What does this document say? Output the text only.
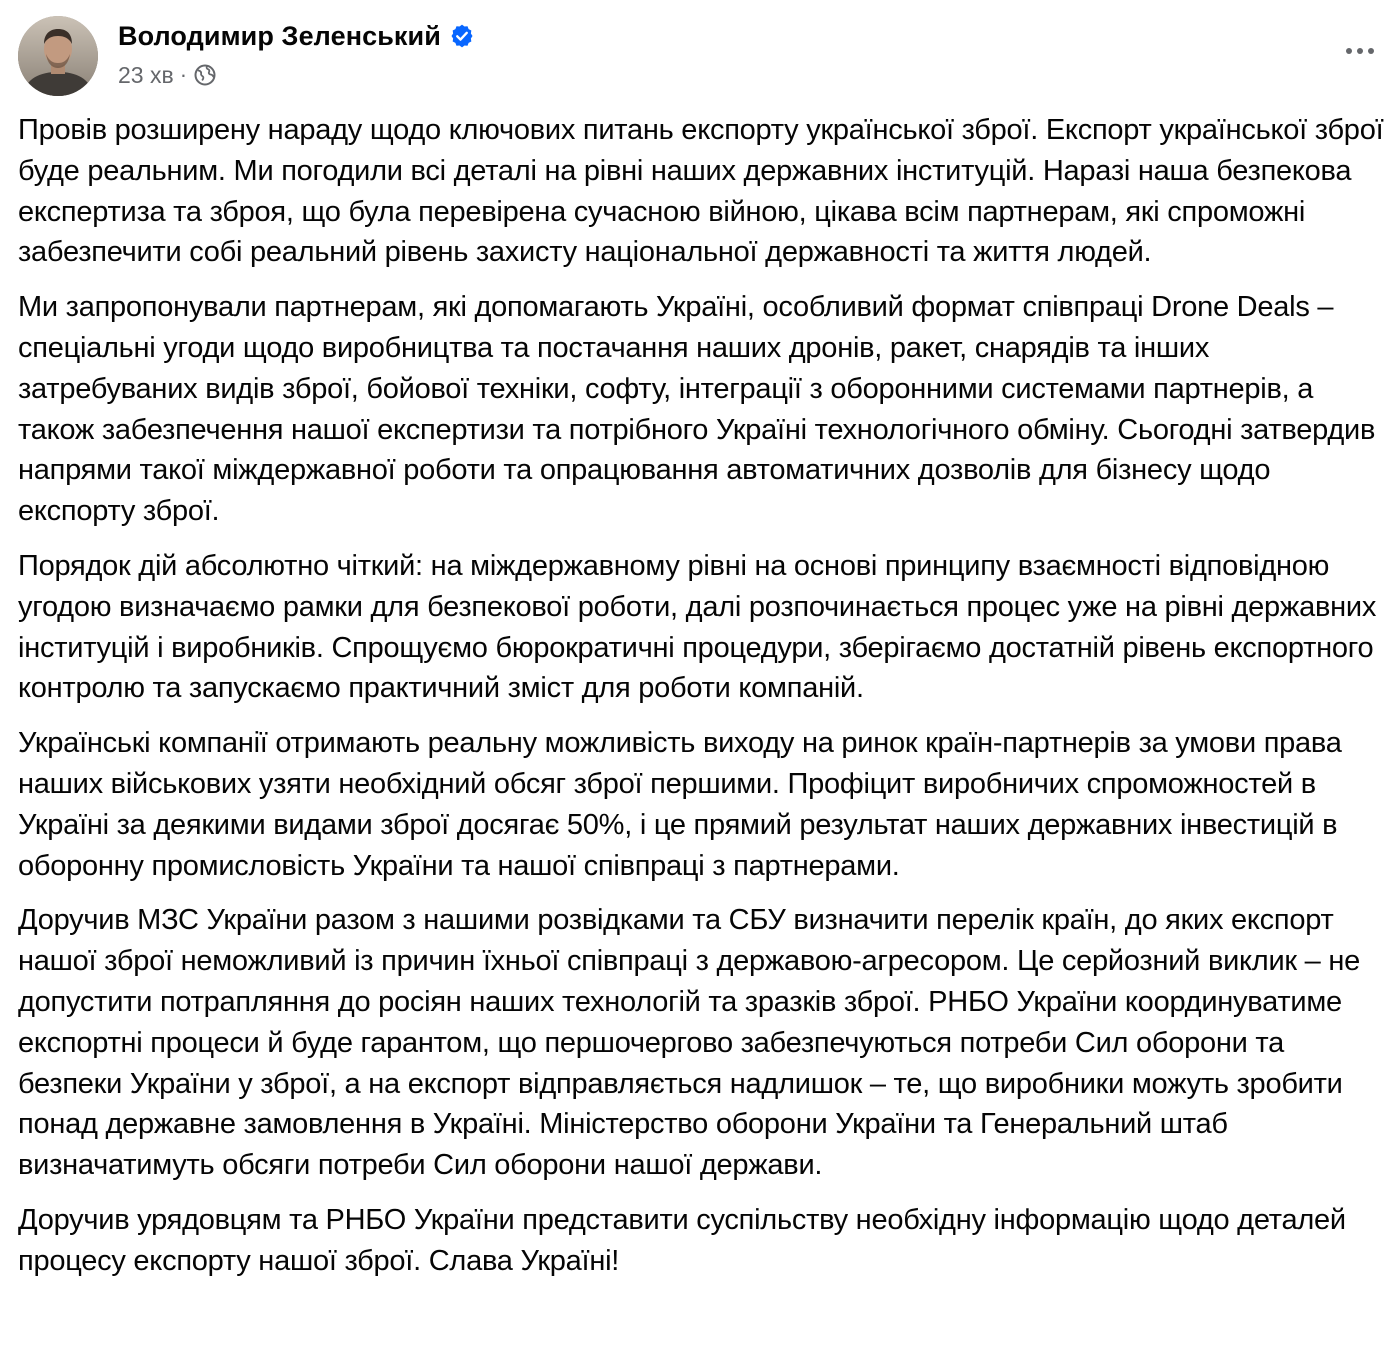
Володимир Зеленський
23 хв ·

Провів розширену нараду щодо ключових питань експорту української зброї. Експорт української зброї буде реальним. Ми погодили всі деталі на рівні наших державних інституцій. Наразі наша безпекова експертиза та зброя, що була перевірена сучасною війною, цікава всім партнерам, які спроможні забезпечити собі реальний рівень захисту національної державності та життя людей.

Ми запропонували партнерам, які допомагають Україні, особливий формат співпраці Drone Deals – спеціальні угоди щодо виробництва та постачання наших дронів, ракет, снарядів та інших затребуваних видів зброї, бойової техніки, софту, інтеграції з оборонними системами партнерів, а також забезпечення нашої експертизи та потрібного Україні технологічного обміну. Сьогодні затвердив напрями такої міждержавної роботи та опрацювання автоматичних дозволів для бізнесу щодо експорту зброї.

Порядок дій абсолютно чіткий: на міждержавному рівні на основі принципу взаємності відповідною угодою визначаємо рамки для безпекової роботи, далі розпочинається процес уже на рівні державних інституцій і виробників. Спрощуємо бюрократичні процедури, зберігаємо достатній рівень експортного контролю та запускаємо практичний зміст для роботи компаній.

Українські компанії отримають реальну можливість виходу на ринок країн-партнерів за умови права наших військових узяти необхідний обсяг зброї першими. Профіцит виробничих спроможностей в Україні за деякими видами зброї досягає 50%, і це прямий результат наших державних інвестицій в оборонну промисловість України та нашої співпраці з партнерами.

Доручив МЗС України разом з нашими розвідками та СБУ визначити перелік країн, до яких експорт нашої зброї неможливий із причин їхньої співпраці з державою-агресором. Це серйозний виклик – не допустити потрапляння до росіян наших технологій та зразків зброї. РНБО України координуватиме експортні процеси й буде гарантом, що першочергово забезпечуються потреби Сил оборони та безпеки України у зброї, а на експорт відправляється надлишок – те, що виробники можуть зробити понад державне замовлення в Україні. Міністерство оборони України та Генеральний штаб визначатимуть обсяги потреби Сил оборони нашої держави.

Доручив урядовцям та РНБО України представити суспільству необхідну інформацію щодо деталей процесу експорту нашої зброї. Слава Україні!
